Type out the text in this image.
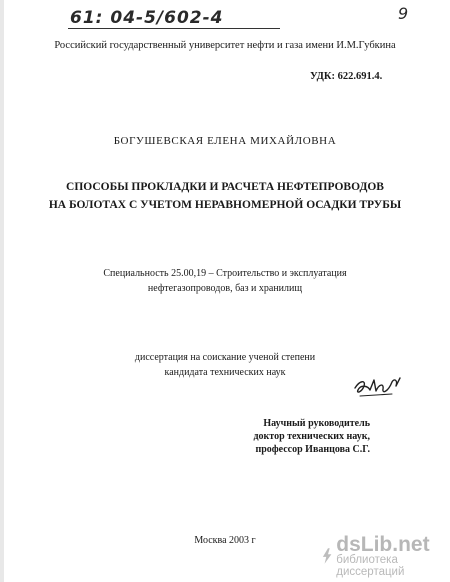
61: 04-5/602-4	9
Российский государственный университет нефти и газа имени И.М.Губкина
УДК: 622.691.4.
БОГУШЕВСКАЯ ЕЛЕНА МИХАЙЛОВНА
СПОСОБЫ ПРОКЛАДКИ И РАСЧЕТА НЕФТЕПРОВОДОВ
НА БОЛОТАХ С УЧЕТОМ НЕРАВНОМЕРНОЙ ОСАДКИ ТРУБЫ
Специальность 25.00,19 – Строительство и эксплуатация
нефтегазопроводов, баз и хранилищ
диссертация на соискание ученой степени
кандидата технических наук
Научный руководитель
доктор технических наук,
профессор Иванцова С.Г.
Москва 2003 г	dsLib.net
библиотека диссертаций
